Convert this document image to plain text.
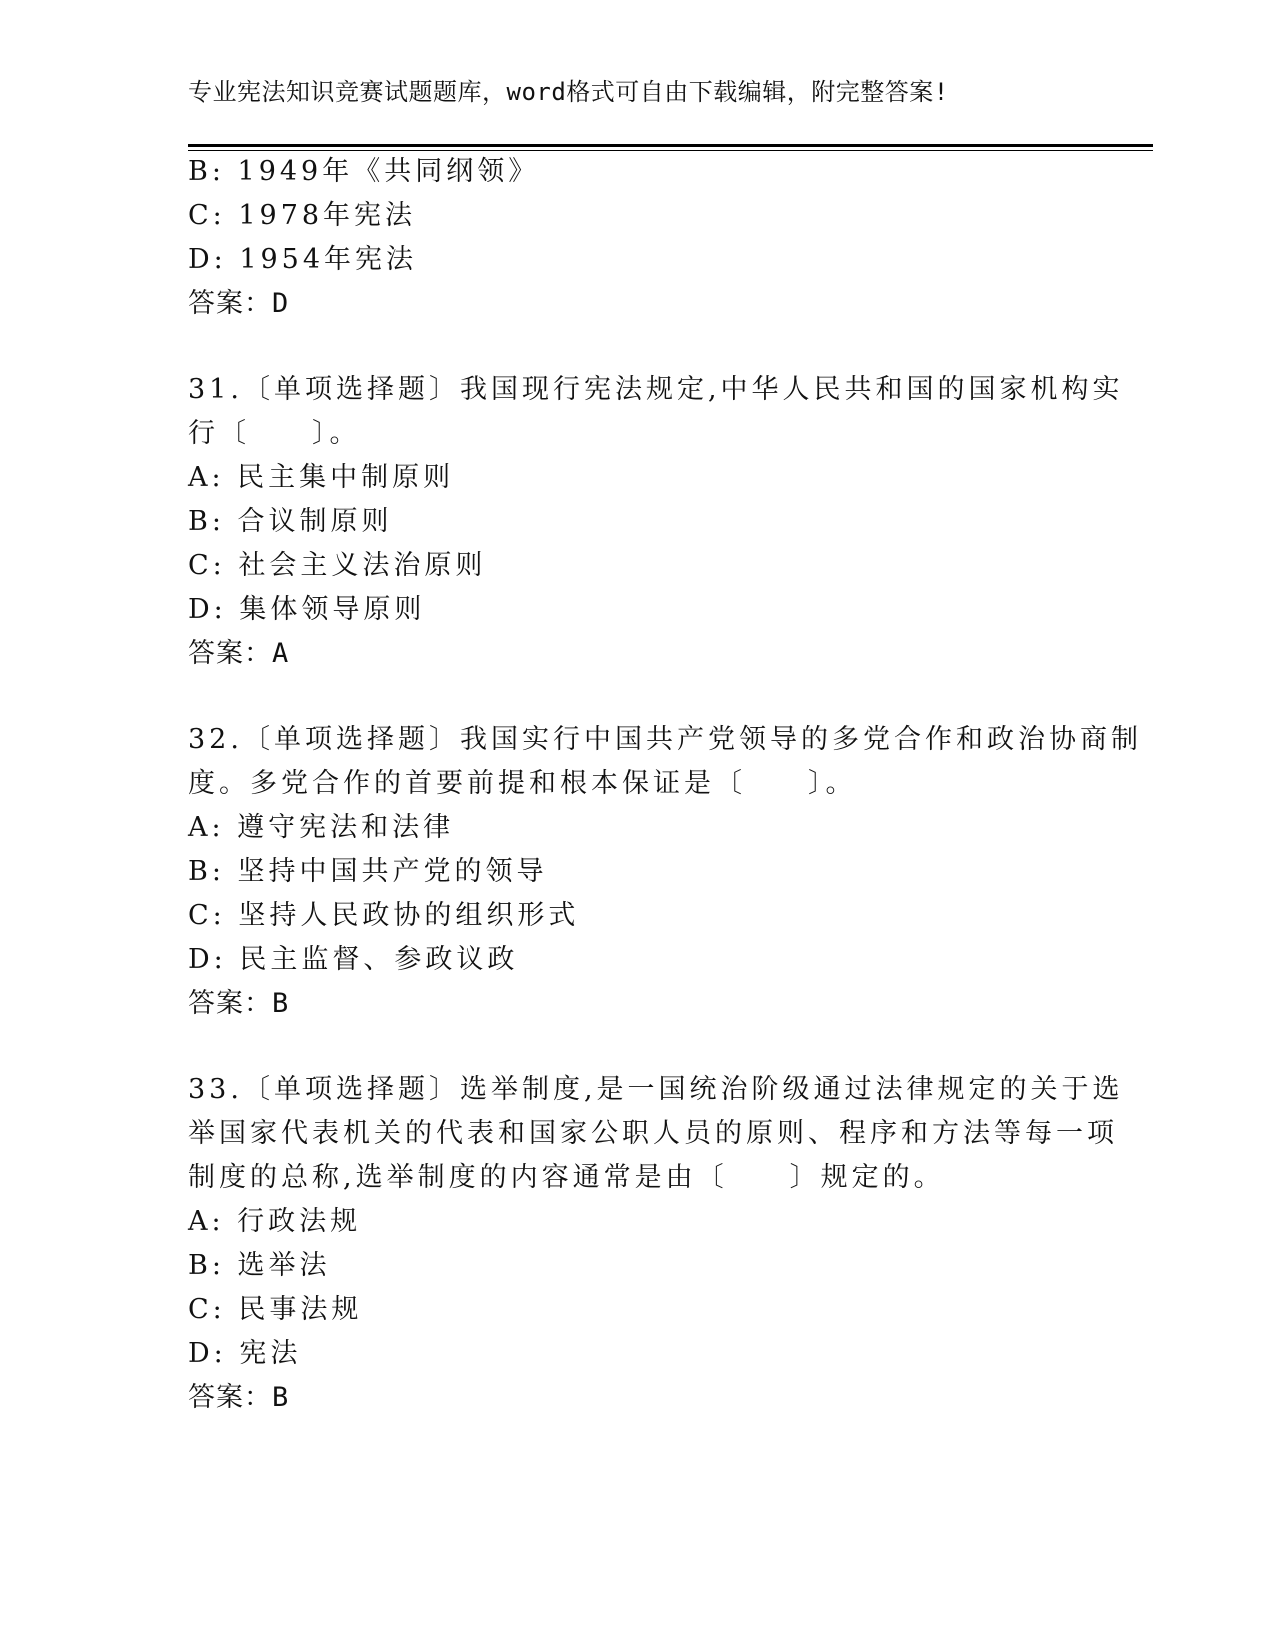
专业宪法知识竞赛试题题库，word格式可自由下载编辑，附完整答案!
B: 1949年《共同纲领》
C: 1978年宪法
D: 1954年宪法
答案：D
31.〔单项选择题〕我国现行宪法规定,中华人民共和国的国家机构实
行〔　　〕。
A: 民主集中制原则
B: 合议制原则
C: 社会主义法治原则
D: 集体领导原则
答案：A
32.〔单项选择题〕我国实行中国共产党领导的多党合作和政治协商制
度。多党合作的首要前提和根本保证是〔　　〕。
A: 遵守宪法和法律
B: 坚持中国共产党的领导
C: 坚持人民政协的组织形式
D: 民主监督、参政议政
答案：B
33.〔单项选择题〕选举制度,是一国统治阶级通过法律规定的关于选
举国家代表机关的代表和国家公职人员的原则、程序和方法等每一项
制度的总称,选举制度的内容通常是由〔　　〕规定的。
A: 行政法规
B: 选举法
C: 民事法规
D: 宪法
答案：B
